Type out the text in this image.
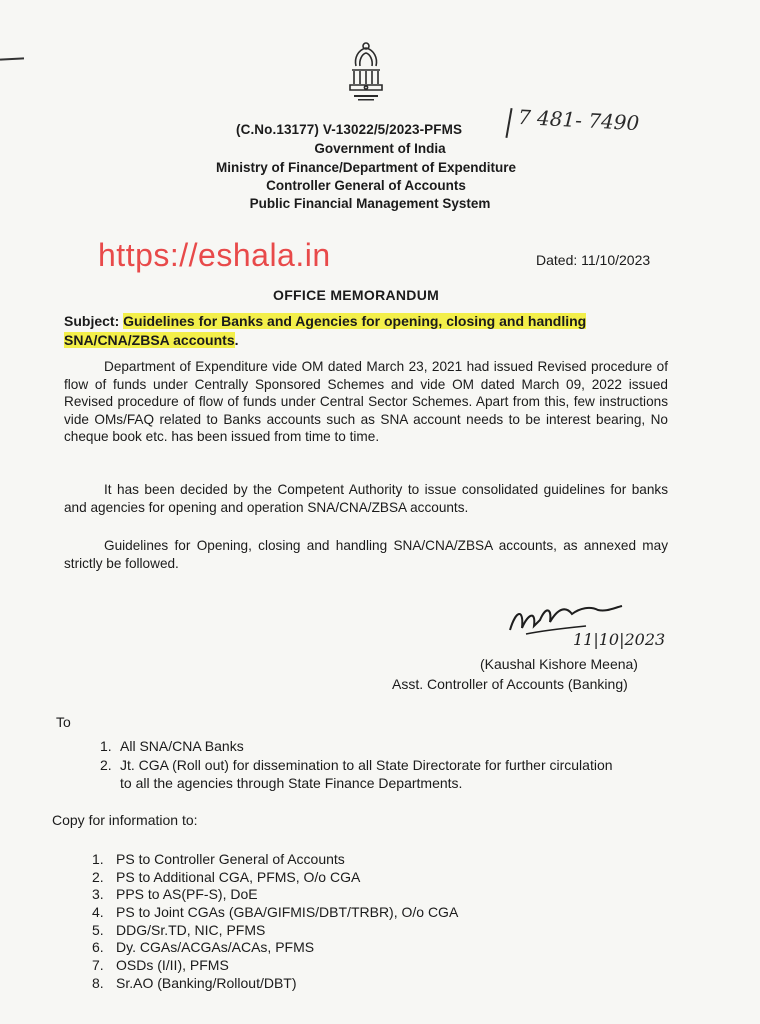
(C.No.13177) V-13022/5/2023-PFMS	7 481- 7490
Government of India
Ministry of Finance/Department of Expenditure
Controller General of Accounts
Public Financial Management System
https://eshala.in	Dated: 11/10/2023
OFFICE MEMORANDUM
Subject: Guidelines for Banks and Agencies for opening, closing and handling SNA/CNA/ZBSA accounts.
Department of Expenditure vide OM dated March 23, 2021 had issued Revised procedure of flow of funds under Centrally Sponsored Schemes and vide OM dated March 09, 2022 issued Revised procedure of flow of funds under Central Sector Schemes. Apart from this, few instructions vide OMs/FAQ related to Banks accounts such as SNA account needs to be interest bearing, No cheque book etc. has been issued from time to time.
It has been decided by the Competent Authority to issue consolidated guidelines for banks and agencies for opening and operation SNA/CNA/ZBSA accounts.
Guidelines for Opening, closing and handling SNA/CNA/ZBSA accounts, as annexed may strictly be followed.
11|10|2023
(Kaushal Kishore Meena)
Asst. Controller of Accounts (Banking)
To
1. All SNA/CNA Banks
2. Jt. CGA (Roll out) for dissemination to all State Directorate for further circulation to all the agencies through State Finance Departments.
Copy for information to:
1. PS to Controller General of Accounts
2. PS to Additional CGA, PFMS, O/o CGA
3. PPS to AS(PF-S), DoE
4. PS to Joint CGAs (GBA/GIFMIS/DBT/TRBR), O/o CGA
5. DDG/Sr.TD, NIC, PFMS
6. Dy. CGAs/ACGAs/ACAs, PFMS
7. OSDs (I/II), PFMS
8. Sr.AO (Banking/Rollout/DBT)
